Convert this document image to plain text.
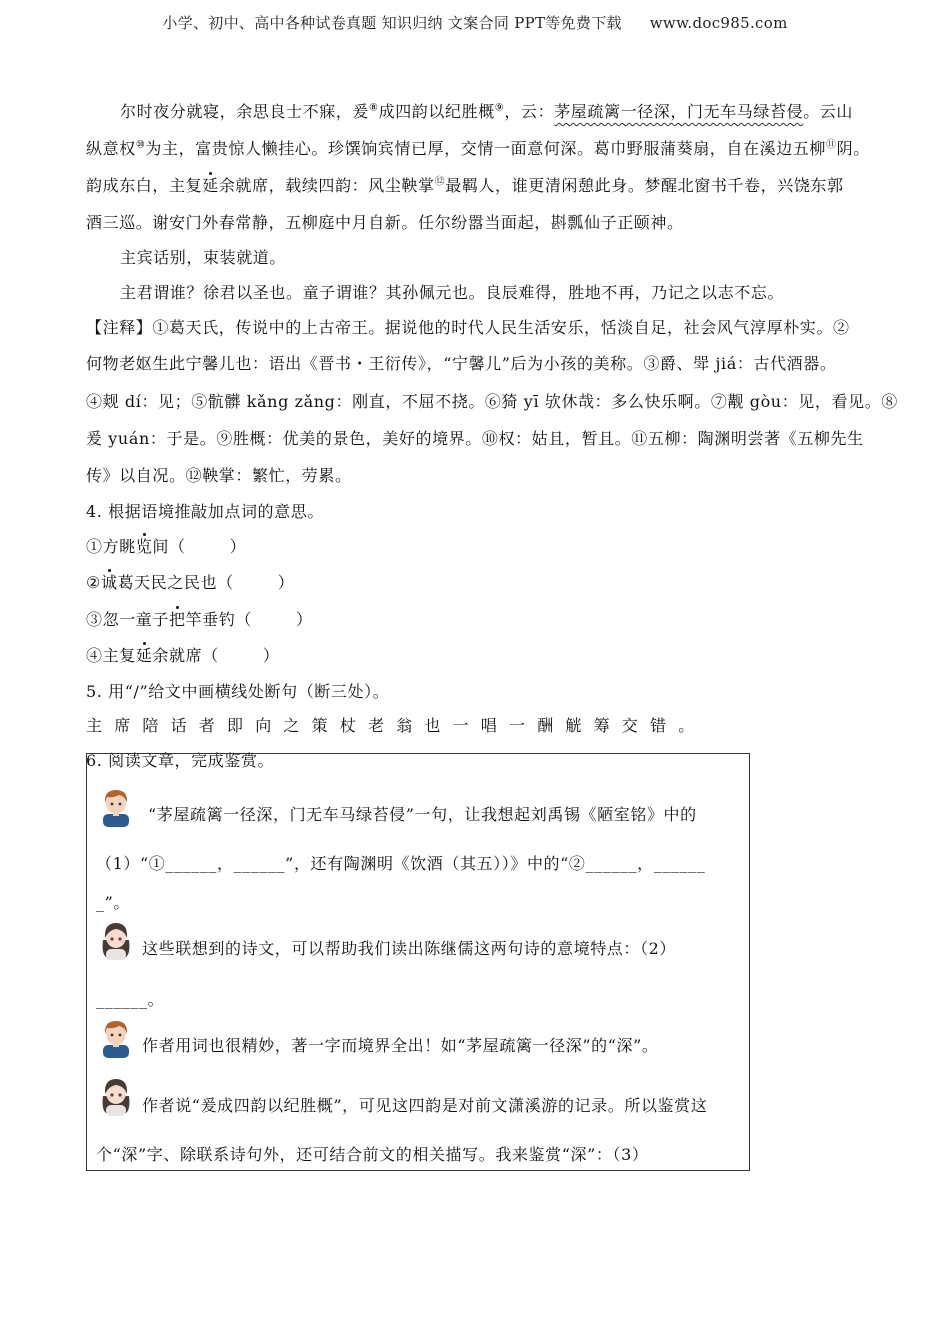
小学、初中、高中各种试卷真题 知识归纳 文案合同 PPT等免费下载 www.doc985.com
尔时夜分就寝，余思良士不寐，爰⑧成四韵以纪胜概⑨，云：茅屋疏篱一径深，门无车马绿苔侵。云山
纵意权⑩为主，富贵惊人懒挂心。珍馔饷宾情已厚，交情一面意何深。葛巾野服蒲葵扇，自在溪边五柳⑪阴。
韵成东白，主复延余就席，载续四韵：风尘鞅掌⑫最羁人，谁更清闲憩此身。梦醒北窗书千卷，兴饶东郭
酒三巡。谢安门外春常静，五柳庭中月自新。任尔纷嚣当面起，斟瓢仙子正颐神。
主宾话别，束装就道。
主君谓谁？徐君以圣也。童子谓谁？其孙佩元也。良辰难得，胜地不再，乃记之以志不忘。
【注释】①葛天氏，传说中的上古帝王。据说他的时代人民生活安乐，恬淡自足，社会风气淳厚朴实。②
何物老妪生此宁馨儿也：语出《晋书・王衍传》，“宁馨儿”后为小孩的美称。③爵、斝 jiá：古代酒器。
④觌 dí：见；⑤骯髒 kǎng zǎng：刚直，不屈不挠。⑥猗 yī 欤休哉：多么快乐啊。⑦觏 gòu：见，看见。⑧
爰 yuán：于是。⑨胜概：优美的景色，美好的境界。⑩权：姑且，暂且。⑪五柳：陶渊明尝著《五柳先生
传》以自况。⑫鞅掌：繁忙，劳累。
4. 根据语境推敲加点词的意思。
①方眺览间（	）
②诚葛天民之民也（	）
③忽一童子把竿垂钓（	）
④主复延余就席（	）
5. 用“/”给文中画横线处断句（断三处）。
主席陪话者即向之策杖老翁也一唱一酬觥筹交错。
6. 阅读文章，完成鉴赏。
“茅屋疏篱一径深，门无车马绿苔侵”一句，让我想起刘禹锡《陋室铭》中的
（1）“①______，______”，还有陶渊明《饮酒（其五））》中的“②______，______
_”。
这些联想到的诗文，可以帮助我们读出陈继儒这两句诗的意境特点：（2）
______。
作者用词也很精妙，著一字而境界全出！如“茅屋疏篱一径深”的“深”。
作者说“爰成四韵以纪胜概”，可见这四韵是对前文潇溪游的记录。所以鉴赏这
个“深”字、除联系诗句外，还可结合前文的相关描写。我来鉴赏“深”：（3）
